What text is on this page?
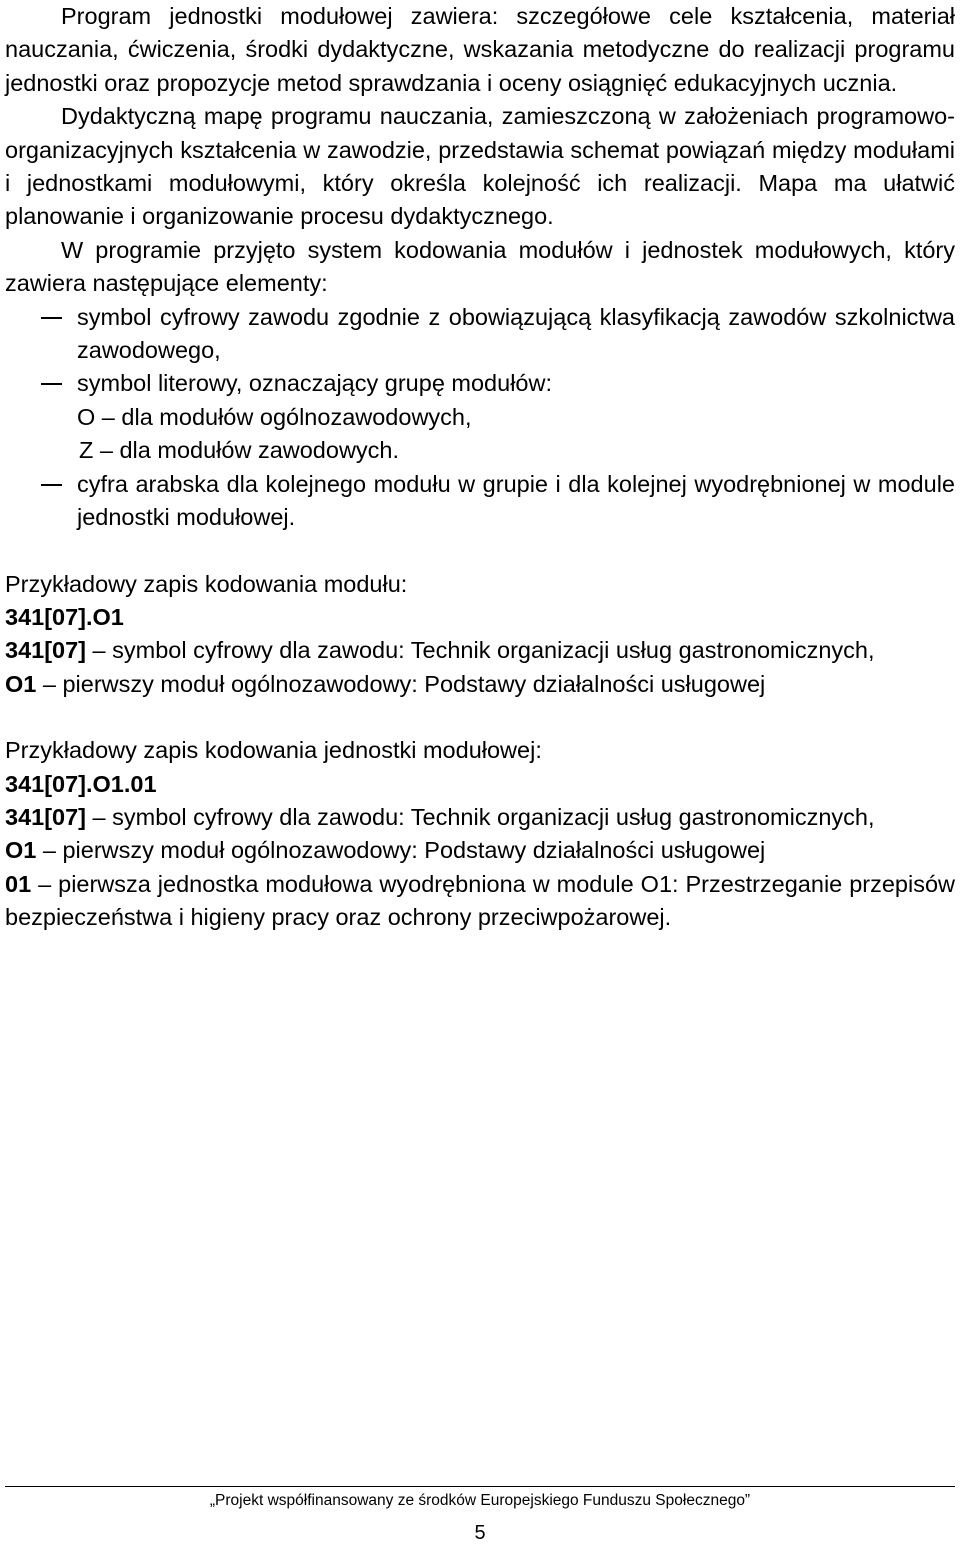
Program jednostki modułowej zawiera: szczegółowe cele kształcenia, materiał nauczania, ćwiczenia, środki dydaktyczne, wskazania metodyczne do realizacji programu jednostki oraz propozycje metod sprawdzania i oceny osiągnięć edukacyjnych ucznia.

Dydaktyczną mapę programu nauczania, zamieszczoną w założeniach programowo-organizacyjnych kształcenia w zawodzie, przedstawia schemat powiązań między modułami i jednostkami modułowymi, który określa kolejność ich realizacji. Mapa ma ułatwić planowanie i organizowanie procesu dydaktycznego.

W programie przyjęto system kodowania modułów i jednostek modułowych, który zawiera następujące elementy:

symbol cyfrowy zawodu zgodnie z obowiązującą klasyfikacją zawodów szkolnictwa zawodowego,
symbol literowy, oznaczający grupę modułów:
O – dla modułów ogólnozawodowych,
Z – dla modułów zawodowych.
cyfra arabska dla kolejnego modułu w grupie i dla kolejnej wyodrębnionej w module jednostki modułowej.

Przykładowy zapis kodowania modułu:

341[07].O1

341[07] – symbol cyfrowy dla zawodu: Technik organizacji usług gastronomicznych,

O1 – pierwszy moduł ogólnozawodowy: Podstawy działalności usługowej

Przykładowy zapis kodowania jednostki modułowej:

341[07].O1.01

341[07] – symbol cyfrowy dla zawodu: Technik organizacji usług gastronomicznych,

O1 – pierwszy moduł ogólnozawodowy: Podstawy działalności usługowej

01 – pierwsza jednostka modułowa wyodrębniona w module O1: Przestrzeganie przepisów bezpieczeństwa i higieny pracy oraz ochrony przeciwpożarowej.

„Projekt współfinansowany ze środków Europejskiego Funduszu Społecznego”
5
